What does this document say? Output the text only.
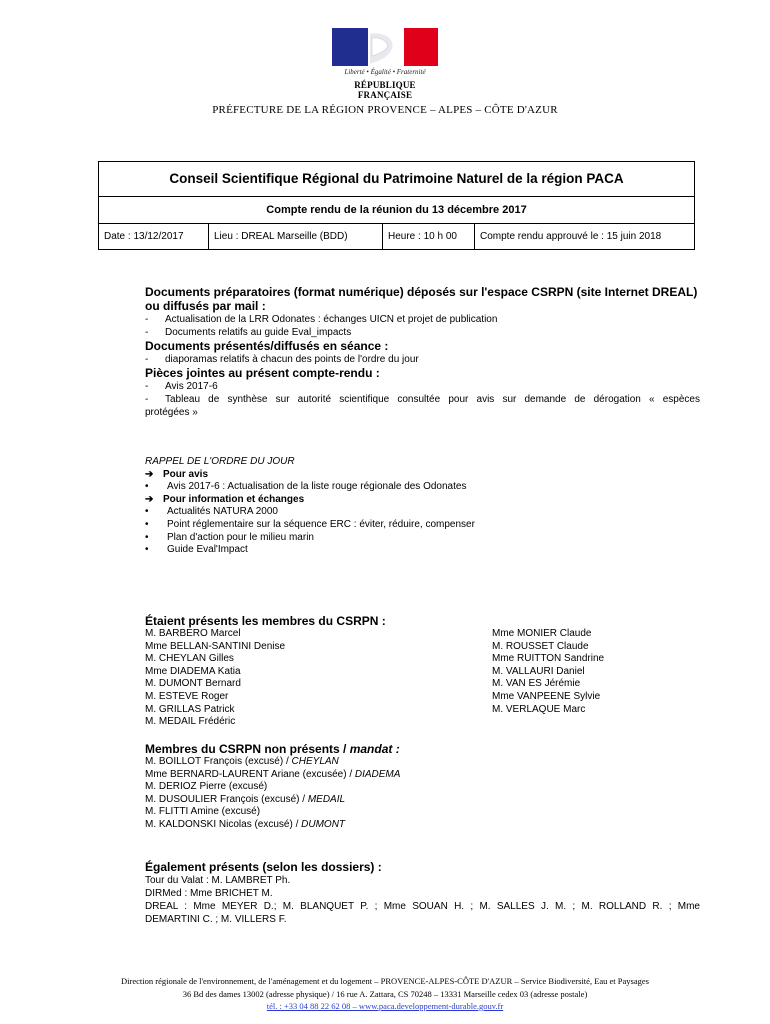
Liberté • Égalité • Fraternité
RÉPUBLIQUE FRANÇAISE
PRÉFECTURE DE LA RÉGION PROVENCE – ALPES – CÔTE D'AZUR
Conseil Scientifique Régional du Patrimoine Naturel de la région PACA
Compte rendu de la réunion du 13 décembre 2017
Date : 13/12/2017	Lieu : DREAL Marseille (BDD)	Heure : 10 h 00	Compte rendu approuvé le : 15 juin 2018
Documents préparatoires (format numérique) déposés sur l'espace CSRPN (site Internet DREAL)
ou diffusés par mail :
- Actualisation de la LRR Odonates : échanges UICN et projet de publication
- Documents relatifs au guide Eval_impacts
Documents présentés/diffusés en séance :
- diaporamas relatifs à chacun des points de l'ordre du jour
Pièces jointes au présent compte-rendu :
- Avis 2017-6
- Tableau de synthèse sur autorité scientifique consultée pour avis sur demande de dérogation « espèces
protégées »
RAPPEL DE L'ORDRE DU JOUR
➔ Pour avis
• Avis 2017-6 : Actualisation de la liste rouge régionale des Odonates
➔ Pour information et échanges
• Actualités NATURA 2000
• Point réglementaire sur la séquence ERC : éviter, réduire, compenser
• Plan d'action pour le milieu marin
• Guide Eval'Impact
Étaient présents les membres du CSRPN :
M. BARBERO Marcel
Mme BELLAN-SANTINI Denise
M. CHEYLAN Gilles
Mme DIADEMA Katia
M. DUMONT Bernard
M. ESTEVE Roger
M. GRILLAS Patrick
M. MEDAIL Frédéric
Mme MONIER Claude
M. ROUSSET Claude
Mme RUITTON Sandrine
M. VALLAURI Daniel
M. VAN ES Jérémie
Mme VANPEENE Sylvie
M. VERLAQUE Marc
Membres du CSRPN non présents / mandat :
M. BOILLOT François (excusé) / CHEYLAN
Mme BERNARD-LAURENT Ariane (excusée) / DIADEMA
M. DERIOZ Pierre (excusé)
M. DUSOULIER François (excusé) / MEDAIL
M. FLITTI Amine (excusé)
M. KALDONSKI Nicolas (excusé) / DUMONT
Également présents (selon les dossiers) :
Tour du Valat : M. LAMBRET Ph.
DIRMed : Mme BRICHET M.
DREAL : Mme MEYER D.; M. BLANQUET P. ; Mme SOUAN H. ; M. SALLES J. M. ; M. ROLLAND R. ; Mme
DEMARTINI C. ; M. VILLERS F.
Direction régionale de l'environnement, de l'aménagement et du logement – PROVENCE-ALPES-CÔTE D'AZUR – Service Biodiversité, Eau et Paysages
36 Bd des dames 13002 (adresse physique) / 16 rue A. Zattara, CS 70248 – 13331 Marseille cedex 03 (adresse postale)
tél. : +33 04 88 22 62 08 – www.paca.developpement-durable.gouv.fr
